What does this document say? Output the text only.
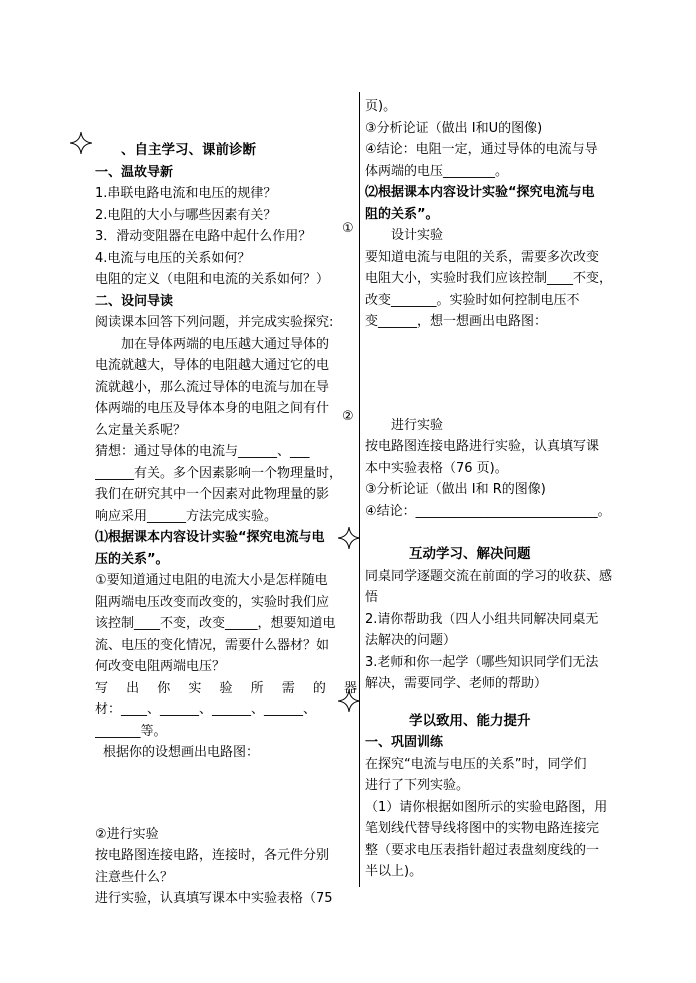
①
②
、自主学习、课前诊断
一、温故导新
1.串联电路电流和电压的规律？
2.电阻的大小与哪些因素有关？
3．滑动变阻器在电路中起什么作用？
4.电流与电压的关系如何？
电阻的定义（电阻和电流的关系如何？）
二、设问导读
阅读课本回答下列问题，并完成实验探究:
加在导体两端的电压越大通过导体的
电流就越大，导体的电阻越大通过它的电
流就越小，那么流过导体的电流与加在导
体两端的电压及导体本身的电阻之间有什
么定量关系呢？
猜想：通过导体的电流与______、___
______有关。多个因素影响一个物理量时，
我们在研究其中一个因素对此物理量的影
响应采用______方法完成实验。
⑴根据课本内容设计实验“探究电流与电
压的关系”。
①要知道通过电阻的电流大小是怎样随电
阻两端电压改变而改变的，实验时我们应
该控制____不变，改变_____，想要知道电
流、电压的变化情况，需要什么器材？如
何改变电阻两端电压？
写 出 你 实 验 所 需 的 器
材：____、______、______、______、
_______等。
根据你的设想画出电路图：
②进行实验
按电路图连接电路，连接时，各元件分别
注意些什么？
进行实验，认真填写课本中实验表格（75
页)。
③分析论证（做出 I和U的图像)
④结论：电阻一定，通过导体的电流与导
体两端的电压________。
⑵根据课本内容设计实验“探究电流与电
阻的关系”。
设计实验
要知道电流与电阻的关系，需要多次改变
电阻大小，实验时我们应该控制____不变，
改变_______。实验时如何控制电压不
变______，想一想画出电路图：
进行实验
按电路图连接电路进行实验，认真填写课
本中实验表格（76 页)。
③分析论证（做出 I和 R的图像)
④结论：____________________________。
互动学习、解决问题
同桌同学逐题交流在前面的学习的收获、感
悟
2.请你帮助我（四人小组共同解决同桌无
法解决的问题）
3.老师和你一起学（哪些知识同学们无法
解决，需要同学、老师的帮助）
学以致用、能力提升
一、巩固训练
在探究“电流与电压的关系”时，同学们
进行了下列实验。
（1）请你根据如图所示的实验电路图，用
笔划线代替导线将图中的实物电路连接完
整（要求电压表指针超过表盘刻度线的一
半以上)。
